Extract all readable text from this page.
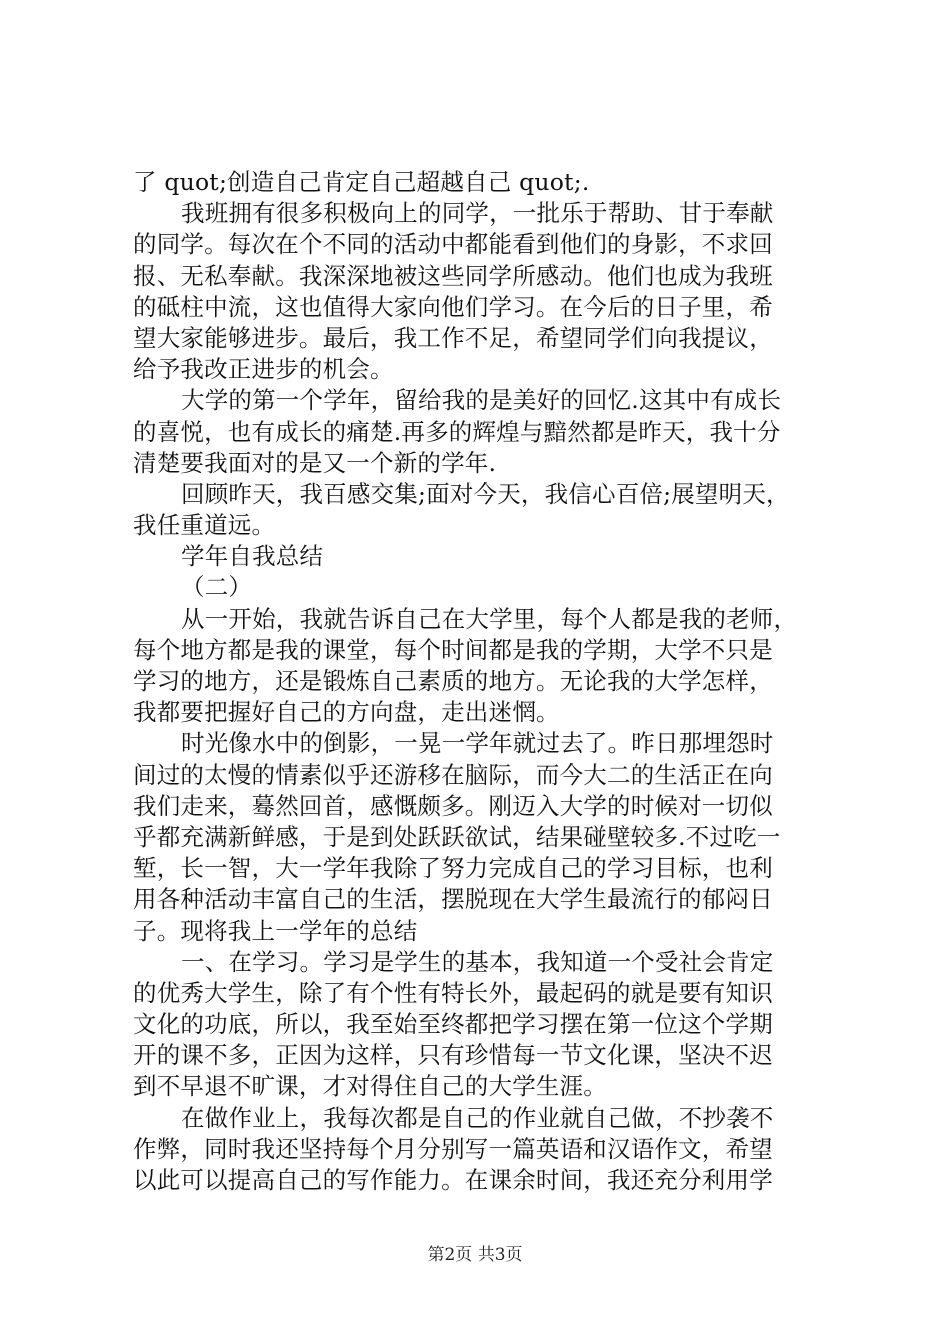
了 quot;创造自己肯定自己超越自己 quot;.
我班拥有很多积极向上的同学，一批乐于帮助、甘于奉献
的同学。每次在个不同的活动中都能看到他们的身影，不求回
报、无私奉献。我深深地被这些同学所感动。他们也成为我班
的砥柱中流，这也值得大家向他们学习。在今后的日子里，希
望大家能够进步。最后，我工作不足，希望同学们向我提议，
给予我改正进步的机会。
大学的第一个学年，留给我的是美好的回忆.这其中有成长
的喜悦，也有成长的痛楚.再多的辉煌与黯然都是昨天，我十分
清楚要我面对的是又一个新的学年.
回顾昨天，我百感交集;面对今天，我信心百倍;展望明天，
我任重道远。
学年自我总结
（二）
从一开始，我就告诉自己在大学里，每个人都是我的老师，
每个地方都是我的课堂，每个时间都是我的学期，大学不只是
学习的地方，还是锻炼自己素质的地方。无论我的大学怎样，
我都要把握好自己的方向盘，走出迷惘。
时光像水中的倒影，一晃一学年就过去了。昨日那埋怨时
间过的太慢的情素似乎还游移在脑际，而今大二的生活正在向
我们走来，蓦然回首，感慨颇多。刚迈入大学的时候对一切似
乎都充满新鲜感，于是到处跃跃欲试，结果碰壁较多.不过吃一
堑，长一智，大一学年我除了努力完成自己的学习目标，也利
用各种活动丰富自己的生活，摆脱现在大学生最流行的郁闷日
子。现将我上一学年的总结
一、在学习。学习是学生的基本，我知道一个受社会肯定
的优秀大学生，除了有个性有特长外，最起码的就是要有知识
文化的功底，所以，我至始至终都把学习摆在第一位这个学期
开的课不多，正因为这样，只有珍惜每一节文化课，坚决不迟
到不早退不旷课，才对得住自己的大学生涯。
在做作业上，我每次都是自己的作业就自己做，不抄袭不
作弊，同时我还坚持每个月分别写一篇英语和汉语作文，希望
以此可以提高自己的写作能力。在课余时间，我还充分利用学
第2页 共3页
